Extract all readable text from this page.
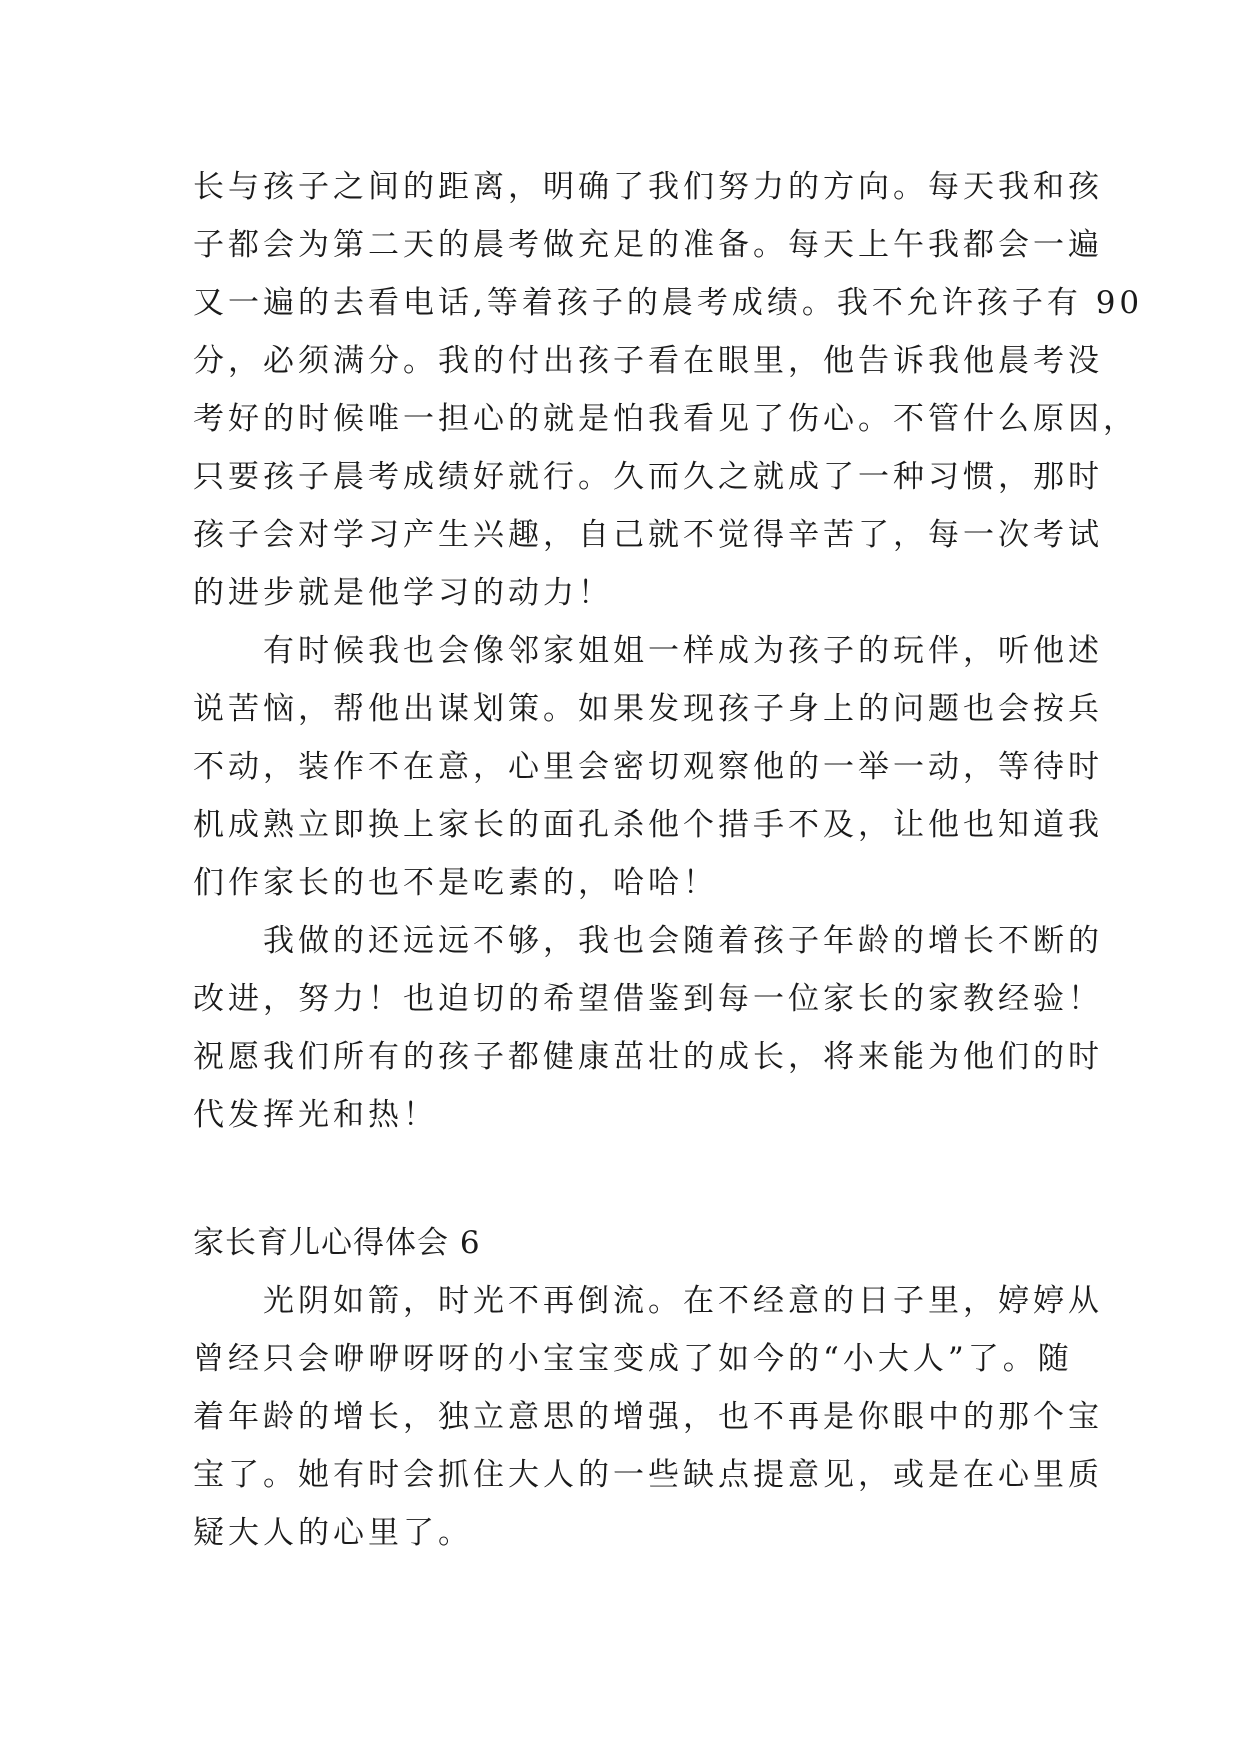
长与孩子之间的距离，明确了我们努力的方向。每天我和孩
子都会为第二天的晨考做充足的准备。每天上午我都会一遍
又一遍的去看电话,等着孩子的晨考成绩。我不允许孩子有 90
分，必须满分。我的付出孩子看在眼里，他告诉我他晨考没
考好的时候唯一担心的就是怕我看见了伤心。不管什么原因，
只要孩子晨考成绩好就行。久而久之就成了一种习惯，那时
孩子会对学习产生兴趣，自己就不觉得辛苦了，每一次考试
的进步就是他学习的动力！
　　有时候我也会像邻家姐姐一样成为孩子的玩伴，听他述
说苦恼，帮他出谋划策。如果发现孩子身上的问题也会按兵
不动，装作不在意，心里会密切观察他的一举一动，等待时
机成熟立即换上家长的面孔杀他个措手不及，让他也知道我
们作家长的也不是吃素的，哈哈！
　　我做的还远远不够，我也会随着孩子年龄的增长不断的
改进，努力！也迫切的希望借鉴到每一位家长的家教经验！
祝愿我们所有的孩子都健康茁壮的成长，将来能为他们的时
代发挥光和热！
家长育儿心得体会 6
　　光阴如箭，时光不再倒流。在不经意的日子里，婷婷从
曾经只会咿咿呀呀的小宝宝变成了如今的“小大人”了。随
着年龄的增长，独立意思的增强，也不再是你眼中的那个宝
宝了。她有时会抓住大人的一些缺点提意见，或是在心里质
疑大人的心里了。
